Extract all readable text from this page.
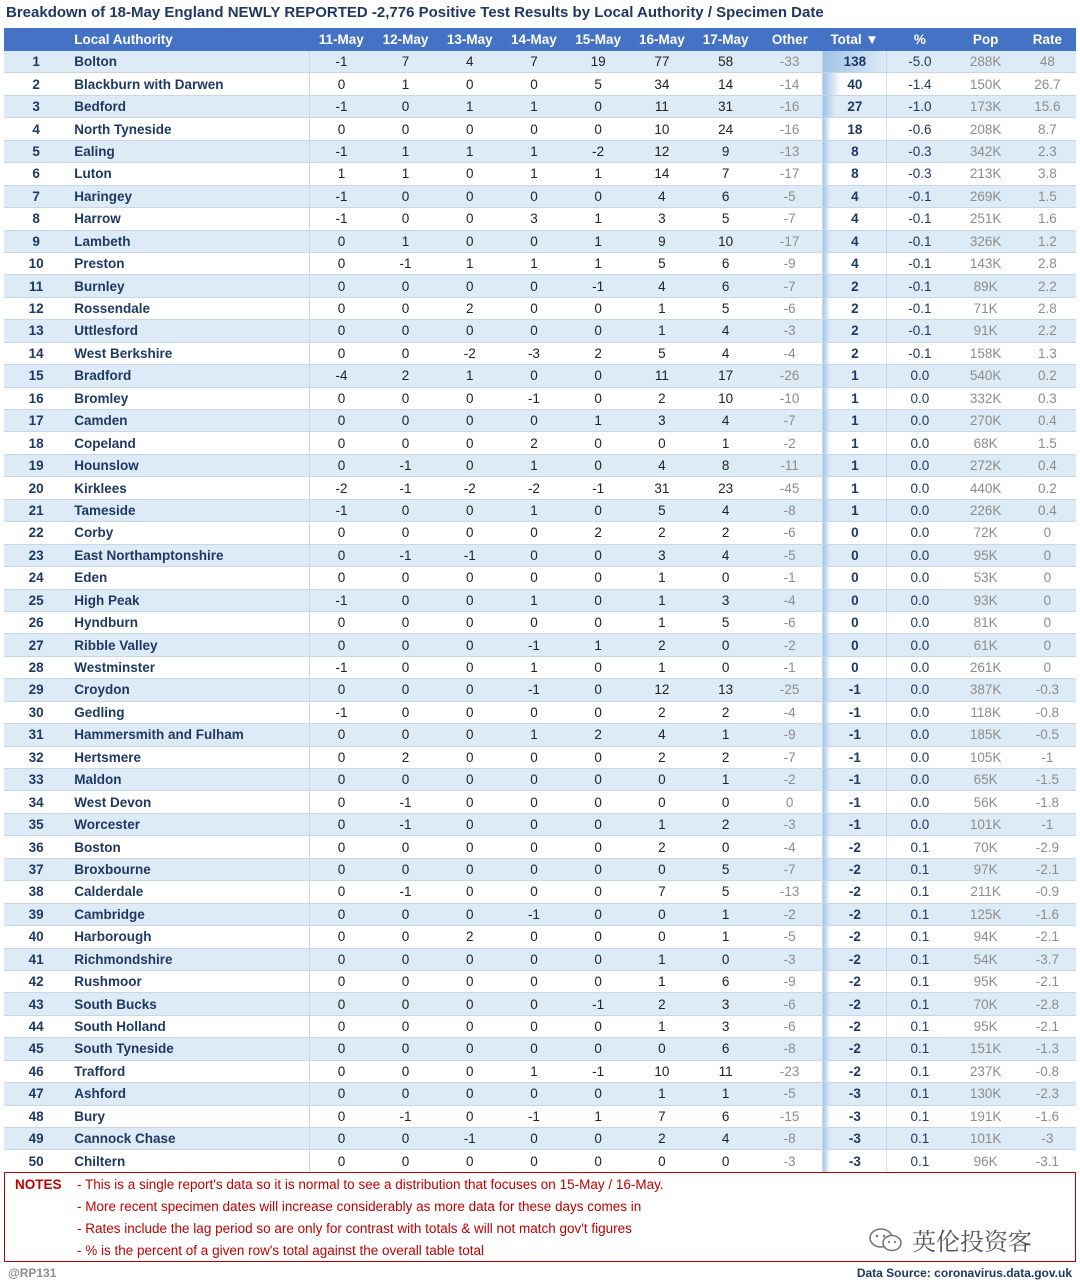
Breakdown of 18-May England NEWLY REPORTED -2,776 Positive Test Results by Local Authority / Specimen Date
	Local Authority	11-May	12-May	13-May	14-May	15-May	16-May	17-May	Other	Total ▼	%	Pop	Rate
1	Bolton	-1	7	4	7	19	77	58	-33	138	-5.0	288K	48
2	Blackburn with Darwen	0	1	0	0	5	34	14	-14	40	-1.4	150K	26.7
3	Bedford	-1	0	1	1	0	11	31	-16	27	-1.0	173K	15.6
4	North Tyneside	0	0	0	0	0	10	24	-16	18	-0.6	208K	8.7
5	Ealing	-1	1	1	1	-2	12	9	-13	8	-0.3	342K	2.3
6	Luton	1	1	0	1	1	14	7	-17	8	-0.3	213K	3.8
7	Haringey	-1	0	0	0	0	4	6	-5	4	-0.1	269K	1.5
8	Harrow	-1	0	0	3	1	3	5	-7	4	-0.1	251K	1.6
9	Lambeth	0	1	0	0	1	9	10	-17	4	-0.1	326K	1.2
10	Preston	0	-1	1	1	1	5	6	-9	4	-0.1	143K	2.8
11	Burnley	0	0	0	0	-1	4	6	-7	2	-0.1	89K	2.2
12	Rossendale	0	0	2	0	0	1	5	-6	2	-0.1	71K	2.8
13	Uttlesford	0	0	0	0	0	1	4	-3	2	-0.1	91K	2.2
14	West Berkshire	0	0	-2	-3	2	5	4	-4	2	-0.1	158K	1.3
15	Bradford	-4	2	1	0	0	11	17	-26	1	0.0	540K	0.2
16	Bromley	0	0	0	-1	0	2	10	-10	1	0.0	332K	0.3
17	Camden	0	0	0	0	1	3	4	-7	1	0.0	270K	0.4
18	Copeland	0	0	0	2	0	0	1	-2	1	0.0	68K	1.5
19	Hounslow	0	-1	0	1	0	4	8	-11	1	0.0	272K	0.4
20	Kirklees	-2	-1	-2	-2	-1	31	23	-45	1	0.0	440K	0.2
21	Tameside	-1	0	0	1	0	5	4	-8	1	0.0	226K	0.4
22	Corby	0	0	0	0	2	2	2	-6	0	0.0	72K	0
23	East Northamptonshire	0	-1	-1	0	0	3	4	-5	0	0.0	95K	0
24	Eden	0	0	0	0	0	1	0	-1	0	0.0	53K	0
25	High Peak	-1	0	0	1	0	1	3	-4	0	0.0	93K	0
26	Hyndburn	0	0	0	0	0	1	5	-6	0	0.0	81K	0
27	Ribble Valley	0	0	0	-1	1	2	0	-2	0	0.0	61K	0
28	Westminster	-1	0	0	1	0	1	0	-1	0	0.0	261K	0
29	Croydon	0	0	0	-1	0	12	13	-25	-1	0.0	387K	-0.3
30	Gedling	-1	0	0	0	0	2	2	-4	-1	0.0	118K	-0.8
31	Hammersmith and Fulham	0	0	0	1	2	4	1	-9	-1	0.0	185K	-0.5
32	Hertsmere	0	2	0	0	0	2	2	-7	-1	0.0	105K	-1
33	Maldon	0	0	0	0	0	0	1	-2	-1	0.0	65K	-1.5
34	West Devon	0	-1	0	0	0	0	0	0	-1	0.0	56K	-1.8
35	Worcester	0	-1	0	0	0	1	2	-3	-1	0.0	101K	-1
36	Boston	0	0	0	0	0	2	0	-4	-2	0.1	70K	-2.9
37	Broxbourne	0	0	0	0	0	0	5	-7	-2	0.1	97K	-2.1
38	Calderdale	0	-1	0	0	0	7	5	-13	-2	0.1	211K	-0.9
39	Cambridge	0	0	0	-1	0	0	1	-2	-2	0.1	125K	-1.6
40	Harborough	0	0	2	0	0	0	1	-5	-2	0.1	94K	-2.1
41	Richmondshire	0	0	0	0	0	1	0	-3	-2	0.1	54K	-3.7
42	Rushmoor	0	0	0	0	0	1	6	-9	-2	0.1	95K	-2.1
43	South Bucks	0	0	0	0	-1	2	3	-6	-2	0.1	70K	-2.8
44	South Holland	0	0	0	0	0	1	3	-6	-2	0.1	95K	-2.1
45	South Tyneside	0	0	0	0	0	0	6	-8	-2	0.1	151K	-1.3
46	Trafford	0	0	0	1	-1	10	11	-23	-2	0.1	237K	-0.8
47	Ashford	0	0	0	0	0	1	1	-5	-3	0.1	130K	-2.3
48	Bury	0	-1	0	-1	1	7	6	-15	-3	0.1	191K	-1.6
49	Cannock Chase	0	0	-1	0	0	2	4	-8	-3	0.1	101K	-3
50	Chiltern	0	0	0	0	0	0	0	-3	-3	0.1	96K	-3.1
NOTES - This is a single report's data so it is normal to see a distribution that focuses on 15-May / 16-May.
- More recent specimen dates will increase considerably as more data for these days comes in
- Rates include the lag period so are only for contrast with totals & will not match gov't figures
- % is the percent of a given row's total against the overall table total	英伦投资客
@RP131	Data Source: coronavirus.data.gov.uk
